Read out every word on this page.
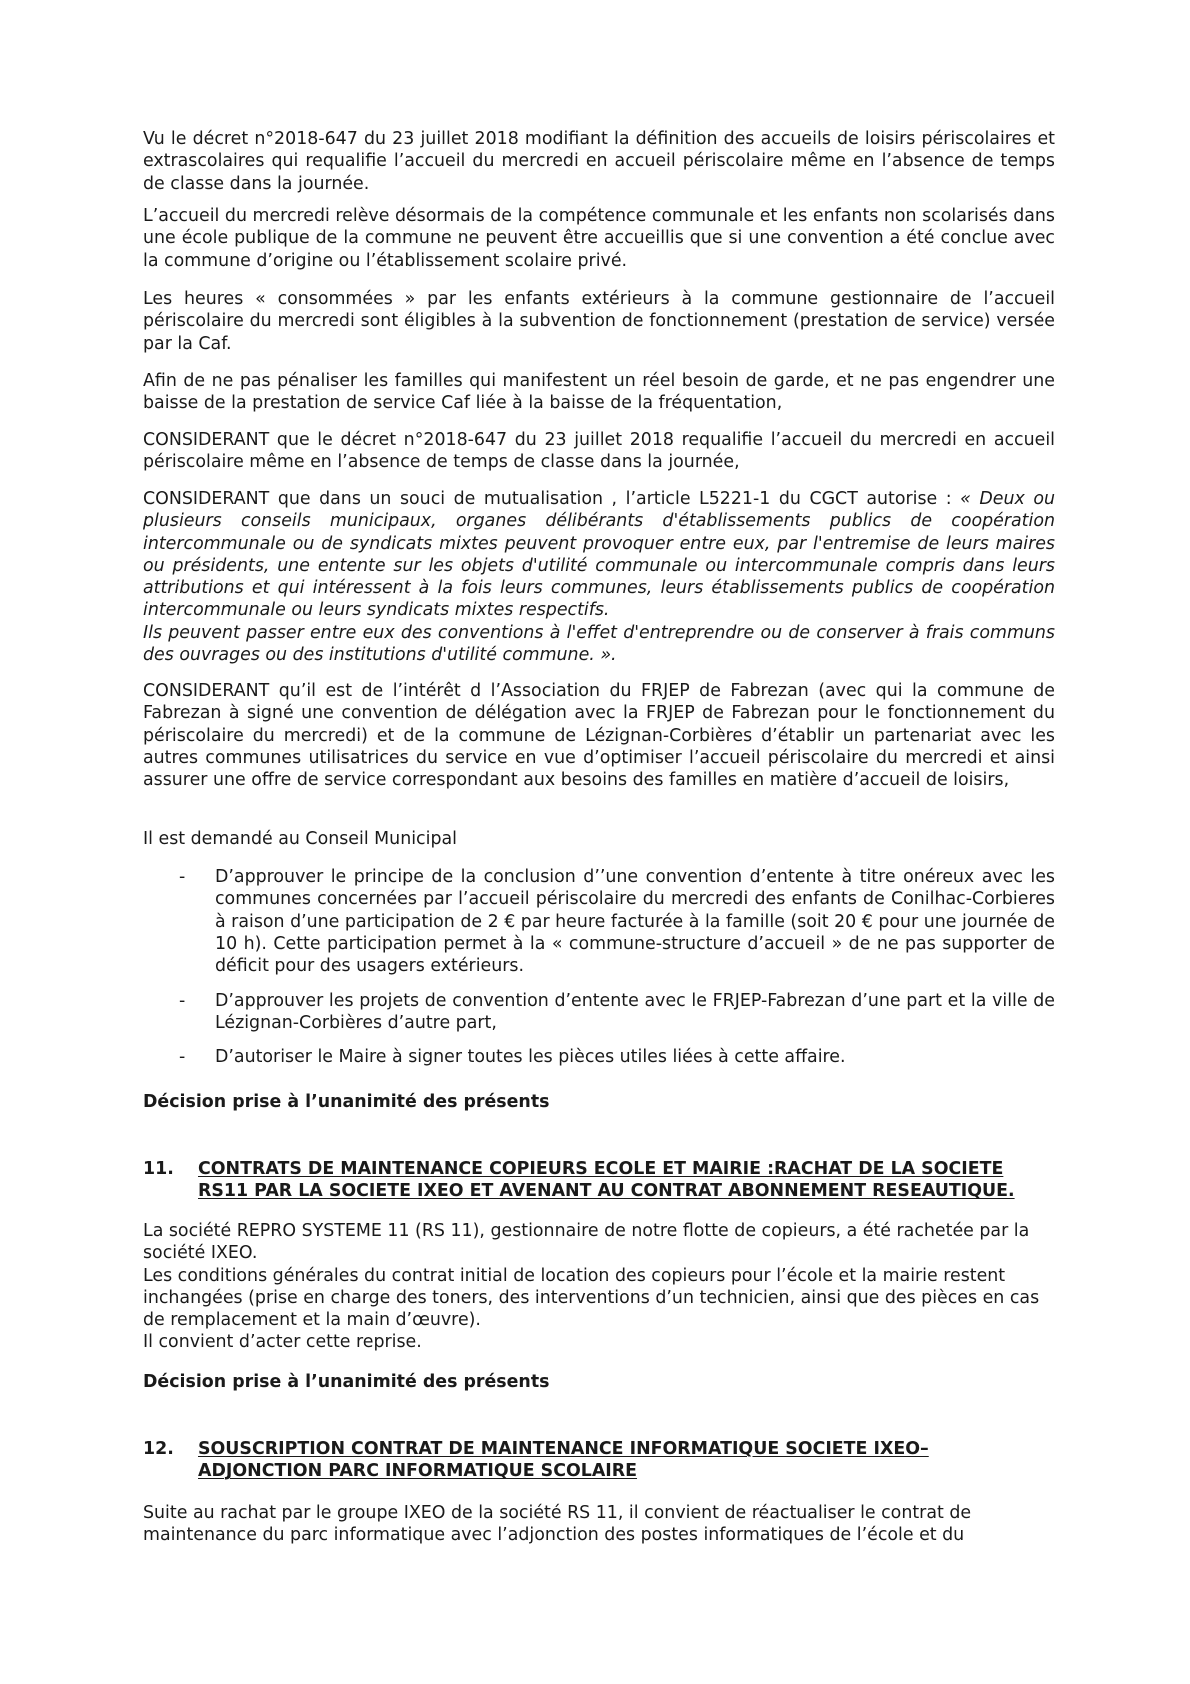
Vu le décret n°2018-647 du 23 juillet 2018 modifiant la définition des accueils de loisirs périscolaires et extrascolaires qui requalifie l’accueil du mercredi en accueil périscolaire même en l’absence de temps de classe dans la journée.
L’accueil du mercredi relève désormais de la compétence communale et les enfants non scolarisés dans une école publique de la commune ne peuvent être accueillis que si une convention a été conclue avec la commune d’origine ou l’établissement scolaire privé.
Les heures « consommées » par les enfants extérieurs à la commune gestionnaire de l’accueil périscolaire du mercredi sont éligibles à la subvention de fonctionnement (prestation de service) versée par la Caf.
Afin de ne pas pénaliser les familles qui manifestent un réel besoin de garde, et ne pas engendrer une baisse de la prestation de service Caf liée à la baisse de la fréquentation,
CONSIDERANT que le décret n°2018-647 du 23 juillet 2018 requalifie l’accueil du mercredi en accueil périscolaire même en l’absence de temps de classe dans la journée,
CONSIDERANT que dans un souci de mutualisation , l’article L5221-1 du CGCT autorise : « Deux ou plusieurs conseils municipaux, organes délibérants d'établissements publics de coopération intercommunale ou de syndicats mixtes peuvent provoquer entre eux, par l'entremise de leurs maires ou présidents, une entente sur les objets d'utilité communale ou intercommunale compris dans leurs attributions et qui intéressent à la fois leurs communes, leurs établissements publics de coopération intercommunale ou leurs syndicats mixtes respectifs.
Ils peuvent passer entre eux des conventions à l'effet d'entreprendre ou de conserver à frais communs des ouvrages ou des institutions d'utilité commune. ».
CONSIDERANT qu’il est de l’intérêt d l’Association du FRJEP de Fabrezan (avec qui la commune de Fabrezan à signé une convention de délégation avec la FRJEP de Fabrezan pour le fonctionnement du périscolaire du mercredi) et de la commune de Lézignan-Corbières d’établir un partenariat avec les autres communes utilisatrices du service en vue d’optimiser l’accueil périscolaire du mercredi et ainsi assurer une offre de service correspondant aux besoins des familles en matière d’accueil de loisirs,
Il est demandé au Conseil Municipal
- D’approuver le principe de la conclusion d’’une convention d’entente à titre onéreux avec les communes concernées par l’accueil périscolaire du mercredi des enfants de Conilhac-Corbieres à raison d’une participation de 2 € par heure facturée à la famille (soit 20 € pour une journée de 10 h). Cette participation permet à la « commune-structure d’accueil » de ne pas supporter de déficit pour des usagers extérieurs.
- D’approuver les projets de convention d’entente avec le FRJEP-Fabrezan d’une part et la ville de Lézignan-Corbières d’autre part,
- D’autoriser le Maire à signer toutes les pièces utiles liées à cette affaire.
Décision prise à l’unanimité des présents
11. CONTRATS DE MAINTENANCE COPIEURS ECOLE ET MAIRIE :RACHAT DE LA SOCIETE RS11 PAR LA SOCIETE IXEO ET AVENANT AU CONTRAT ABONNEMENT RESEAUTIQUE.
La société REPRO SYSTEME 11 (RS 11), gestionnaire de notre flotte de copieurs, a été rachetée par la société IXEO.
Les conditions générales du contrat initial de location des copieurs pour l’école et la mairie restent inchangées (prise en charge des toners, des interventions d’un technicien, ainsi que des pièces en cas de remplacement et la main d’œuvre).
Il convient d’acter cette reprise.
Décision prise à l’unanimité des présents
12. SOUSCRIPTION CONTRAT DE MAINTENANCE INFORMATIQUE SOCIETE IXEO– ADJONCTION PARC INFORMATIQUE SCOLAIRE
Suite au rachat par le groupe IXEO de la société RS 11, il convient de réactualiser le contrat de maintenance du parc informatique avec l’adjonction des postes informatiques de l’école et du
